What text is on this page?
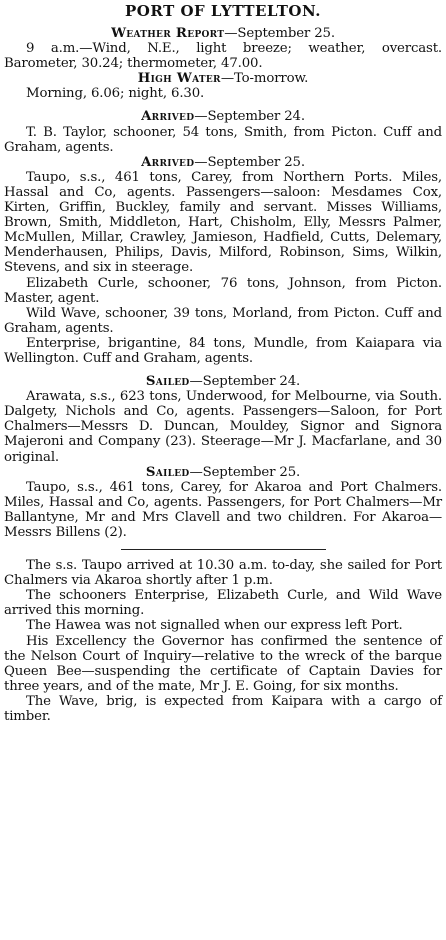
PORT OF LYTTELTON.
Weather Report—September 25.

9 a.m.—Wind, N.E., light breeze; weather, overcast. Barometer, 30.24; thermometer, 47.00.

High Water—To-morrow.

Morning, 6.06; night, 6.30.

Arrived—September 24.

T. B. Taylor, schooner, 54 tons, Smith, from Picton. Cuff and Graham, agents.

Arrived—September 25.

Taupo, s.s., 461 tons, Carey, from Northern Ports. Miles, Hassal and Co, agents. Passengers—saloon: Mesdames Cox, Kirten, Griffin, Buckley, family and servant. Misses Williams, Brown, Smith, Middleton, Hart, Chisholm, Elly, Messrs Palmer, McMullen, Millar, Crawley, Jamieson, Hadfield, Cutts, Delemary, Menderhausen, Philips, Davis, Milford, Robinson, Sims, Wilkin, Stevens, and six in steerage.

Elizabeth Curle, schooner, 76 tons, Johnson, from Picton. Master, agent.

Wild Wave, schooner, 39 tons, Morland, from Picton. Cuff and Graham, agents.

Enterprise, brigantine, 84 tons, Mundle, from Kaiapara via Wellington. Cuff and Graham, agents.

Sailed—September 24.

Arawata, s.s., 623 tons, Underwood, for Melbourne, via South. Dalgety, Nichols and Co, agents. Passengers—Saloon, for Port Chalmers—Messrs D. Duncan, Mouldey, Signor and Signora Majeroni and Company (23). Steerage—Mr J. Macfarlane, and 30 original.

Sailed—September 25.

Taupo, s.s., 461 tons, Carey, for Akaroa and Port Chalmers. Miles, Hassal and Co, agents. Passengers, for Port Chalmers—Mr Ballantyne, Mr and Mrs Clavell and two children. For Akaroa—Messrs Billens (2).

The s.s. Taupo arrived at 10.30 a.m. to-day, she sailed for Port Chalmers via Akaroa shortly after 1 p.m.

The schooners Enterprise, Elizabeth Curle, and Wild Wave arrived this morning.

The Hawea was not signalled when our express left Port.

His Excellency the Governor has confirmed the sentence of the Nelson Court of Inquiry—relative to the wreck of the barque Queen Bee—suspending the certificate of Captain Davies for three years, and of the mate, Mr J. E. Going, for six months.

The Wave, brig, is expected from Kaipara with a cargo of timber.
